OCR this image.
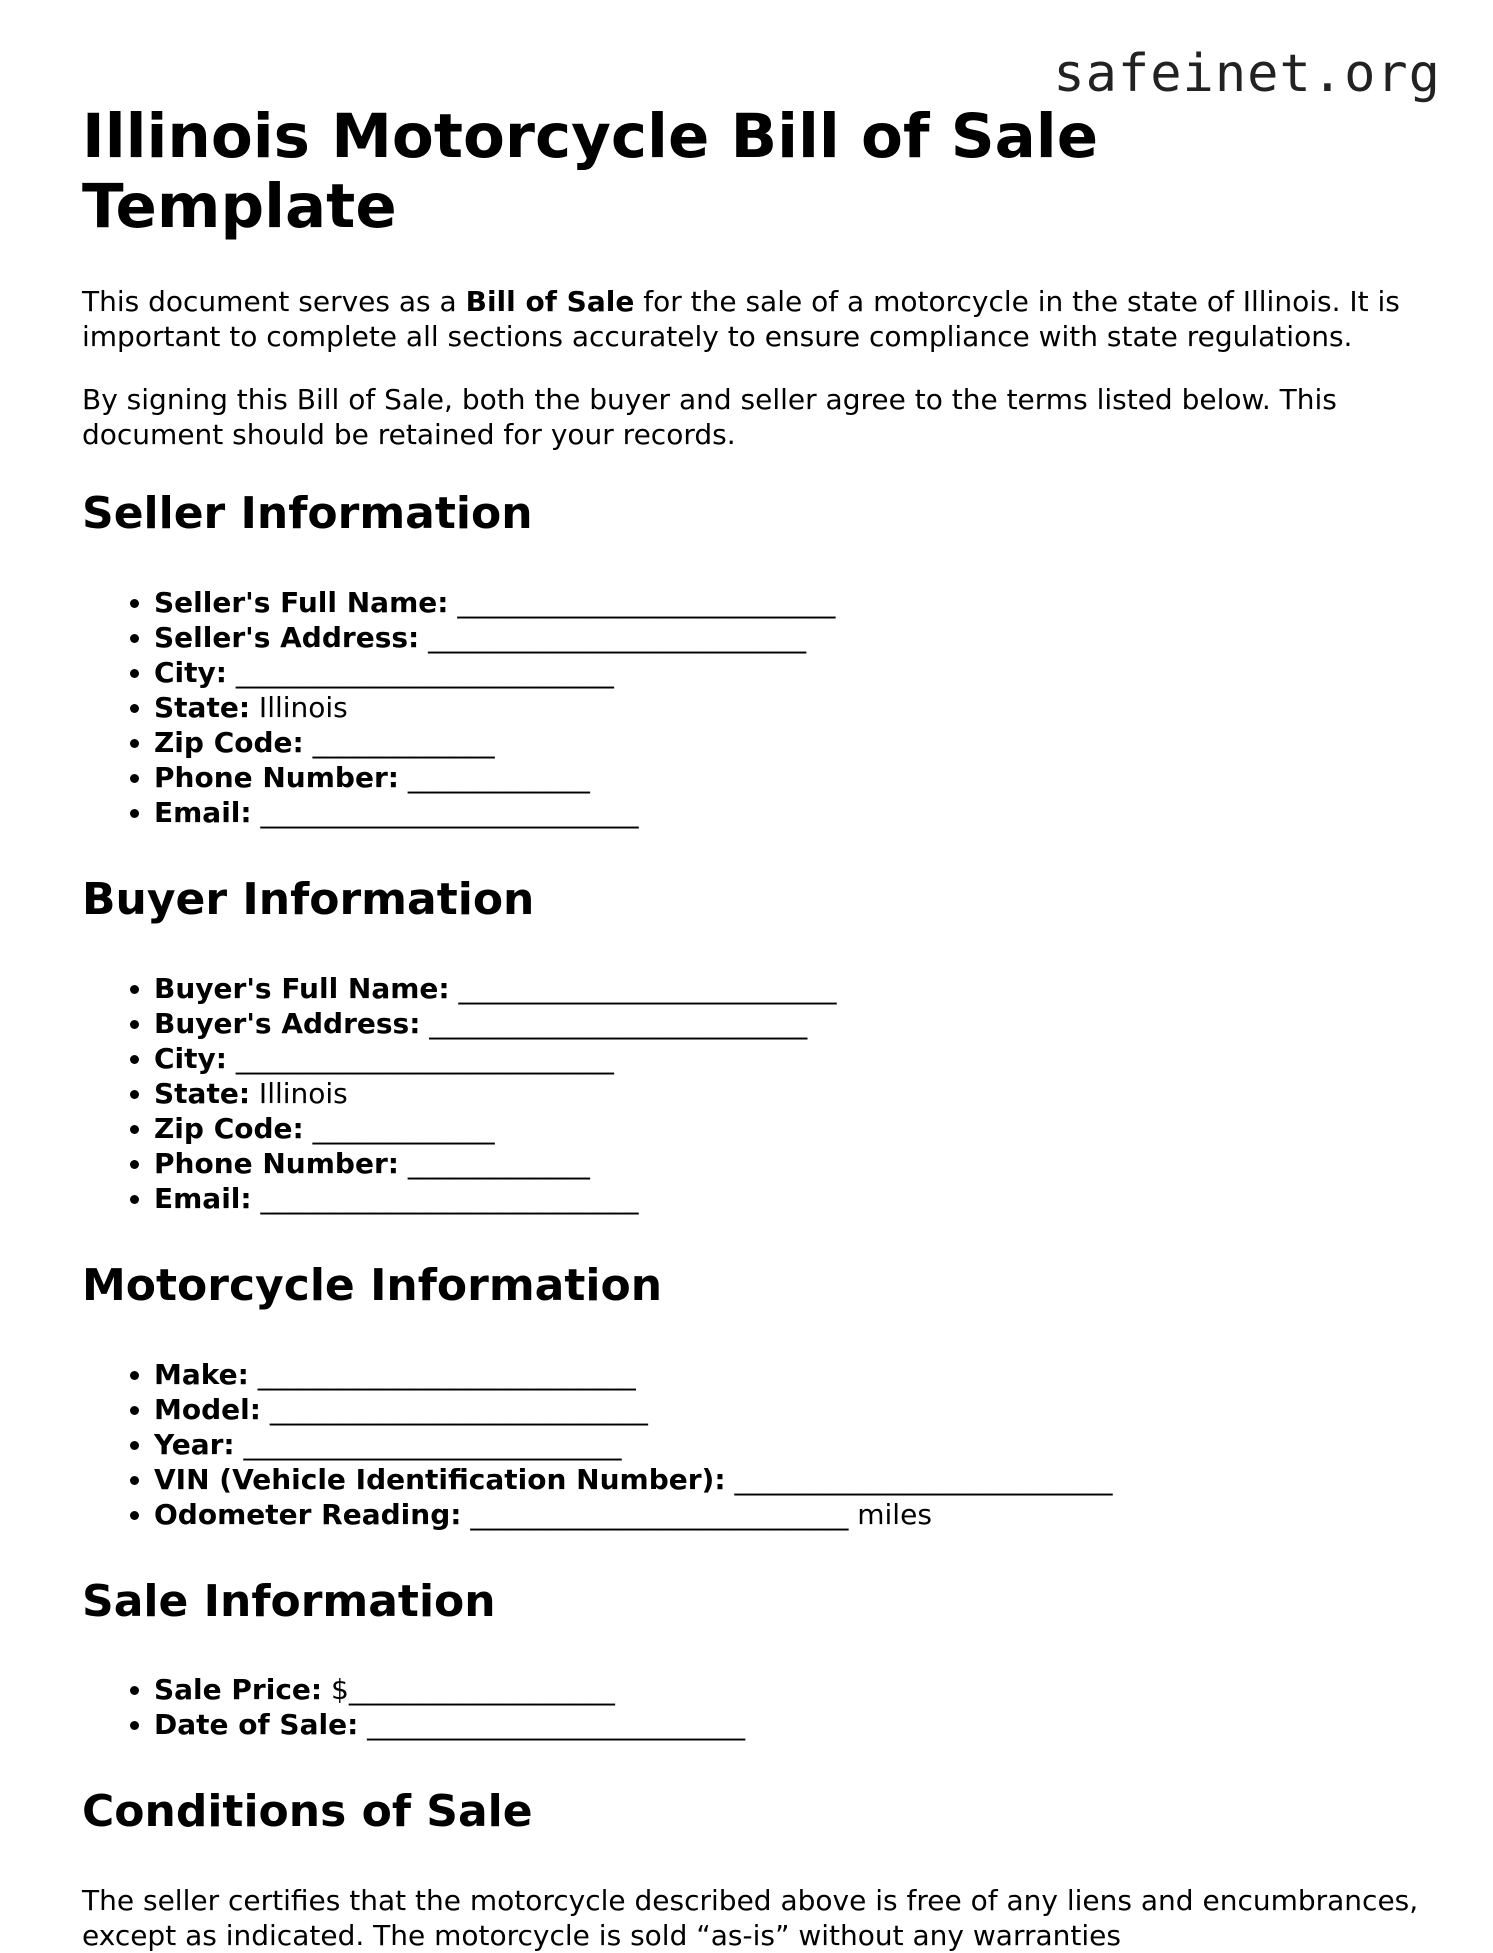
safeinet.org
Illinois Motorcycle Bill of Sale Template

This document serves as a Bill of Sale for the sale of a motorcycle in the state of Illinois. It is important to complete all sections accurately to ensure compliance with state regulations.

By signing this Bill of Sale, both the buyer and seller agree to the terms listed below. This document should be retained for your records.

Seller Information
• Seller's Full Name: ___________________________
• Seller's Address: ___________________________
• City: ___________________________
• State: Illinois
• Zip Code: _____________
• Phone Number: _____________
• Email: ___________________________
Buyer Information
• Buyer's Full Name: ___________________________
• Buyer's Address: ___________________________
• City: ___________________________
• State: Illinois
• Zip Code: _____________
• Phone Number: _____________
• Email: ___________________________
Motorcycle Information
• Make: ___________________________
• Model: ___________________________
• Year: ___________________________
• VIN (Vehicle Identification Number): ___________________________
• Odometer Reading: ___________________________ miles
Sale Information
• Sale Price: $___________________
• Date of Sale: ___________________________
Conditions of Sale

The seller certifies that the motorcycle described above is free of any liens and encumbrances, except as indicated. The motorcycle is sold “as-is” without any warranties
